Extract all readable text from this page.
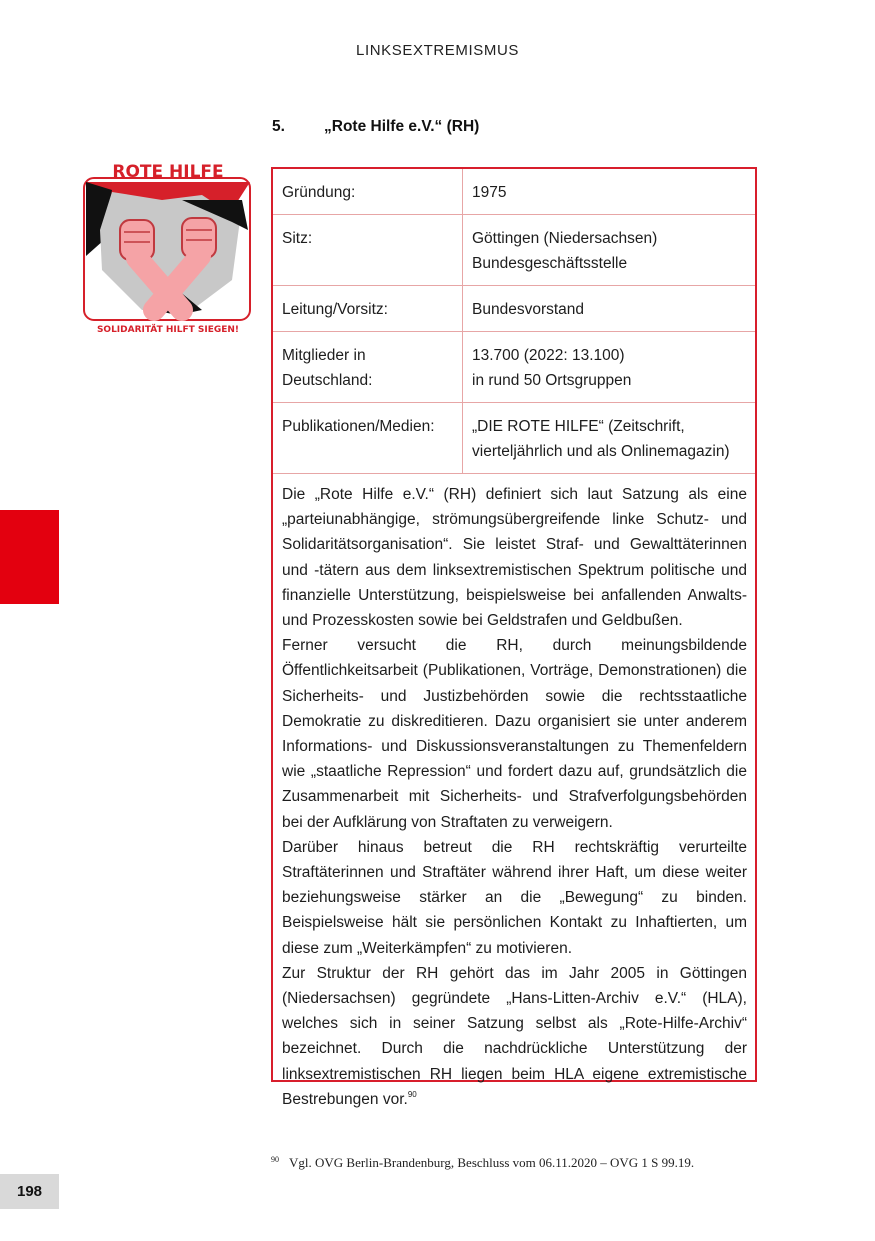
LINKSEXTREMISMUS
5.	„Rote Hilfe e.V.“ (RH)
ROTE HILFE
SOLIDARITÄT HILFT SIEGEN!
Gründung:	1975
Sitz:	Göttingen (Niedersachsen)
Bundesgeschäftsstelle
Leitung/Vorsitz:	Bundesvorstand
Mitglieder in Deutschland:	13.700 (2022: 13.100)
in rund 50 Ortsgruppen
Publikationen/Medien:	„DIE ROTE HILFE“ (Zeitschrift,
vierteljährlich und als Onlinemagazin)

Die „Rote Hilfe e.V.“ (RH) definiert sich laut Satzung als eine „parteiunabhängige, strömungsübergreifende linke Schutz- und Solidaritätsorganisation“. Sie leistet Straf- und Gewalttäterinnen und -tätern aus dem linksextremistischen Spektrum politische und finanzielle Unterstützung, beispielsweise bei anfallenden Anwalts- und Prozesskosten sowie bei Geldstrafen und Geldbußen.

Ferner versucht die RH, durch meinungsbildende Öffentlichkeitsarbeit (Publikationen, Vorträge, Demonstrationen) die Sicherheits- und Justizbehörden sowie die rechtsstaatliche Demokratie zu diskreditieren. Dazu organisiert sie unter anderem Informations- und Diskussionsveranstaltungen zu Themenfeldern wie „staatliche Repression“ und fordert dazu auf, grundsätzlich die Zusammenarbeit mit Sicherheits- und Strafverfolgungsbehörden bei der Aufklärung von Straftaten zu verweigern.

Darüber hinaus betreut die RH rechtskräftig verurteilte Straftäterinnen und Straftäter während ihrer Haft, um diese weiter beziehungsweise stärker an die „Bewegung“ zu binden. Beispielsweise hält sie persönlichen Kontakt zu Inhaftierten, um diese zum „Weiterkämpfen“ zu motivieren.

Zur Struktur der RH gehört das im Jahr 2005 in Göttingen (Niedersachsen) gegründete „Hans-Litten-Archiv e.V.“ (HLA), welches sich in seiner Satzung selbst als „Rote-Hilfe-Archiv“ bezeichnet. Durch die nachdrückliche Unterstützung der linksextremistischen RH liegen beim HLA eigene extremistische Bestrebungen vor.$^{90}$

$^{90}$ Vgl. OVG Berlin-Brandenburg, Beschluss vom 06.11.2020 – OVG 1 S 99.19.
198
